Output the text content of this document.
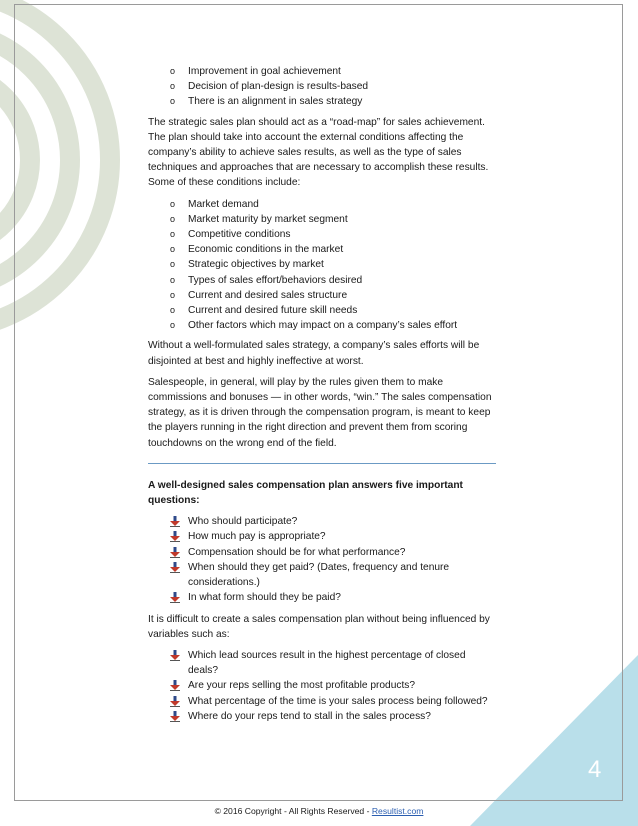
o Improvement in goal achievement
o Decision of plan-design is results-based
o There is an alignment in sales strategy

The strategic sales plan should act as a “road-map” for sales achievement. The plan should take into account the external conditions affecting the company’s ability to achieve sales results, as well as the type of sales techniques and approaches that are necessary to accomplish these results. Some of these conditions include:

o Market demand
o Market maturity by market segment
o Competitive conditions
o Economic conditions in the market
o Strategic objectives by market
o Types of sales effort/behaviors desired
o Current and desired sales structure
o Current and desired future skill needs
o Other factors which may impact on a company’s sales effort

Without a well-formulated sales strategy, a company’s sales efforts will be disjointed at best and highly ineffective at worst.

Salespeople, in general, will play by the rules given them to make commissions and bonuses — in other words, “win.” The sales compensation strategy, as it is driven through the compensation program, is meant to keep the players running in the right direction and prevent them from scoring touchdowns on the wrong end of the field.

A well-designed sales compensation plan answers five important questions:

Who should participate?
How much pay is appropriate?
Compensation should be for what performance?
When should they get paid? (Dates, frequency and tenure considerations.)
In what form should they be paid?

It is difficult to create a sales compensation plan without being influenced by variables such as:

Which lead sources result in the highest percentage of closed deals?
Are your reps selling the most profitable products?
What percentage of the time is your sales process being followed?
Where do your reps tend to stall in the sales process?
4
© 2016 Copyright - All Rights Reserved - Resultist.com
